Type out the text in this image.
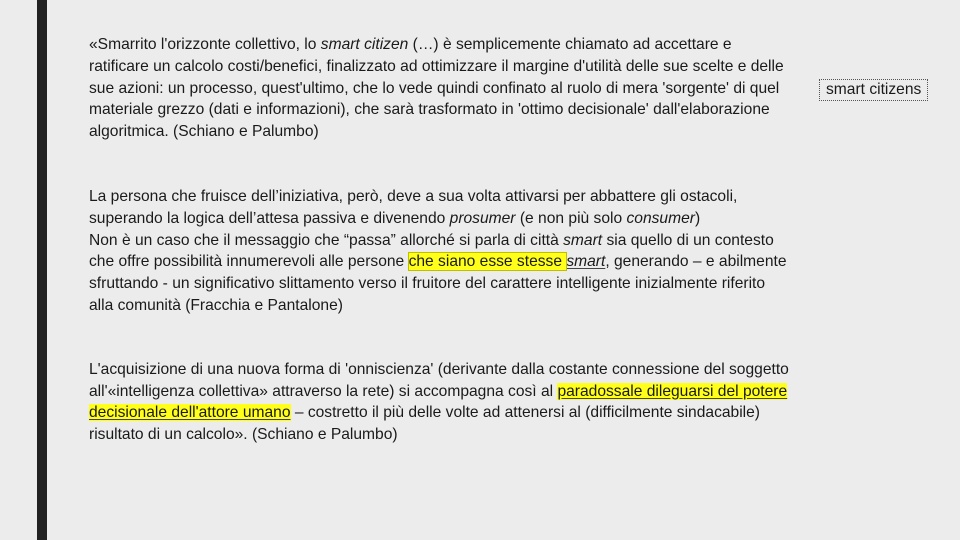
«Smarrito l'orizzonte collettivo, lo smart citizen (…) è semplicemente chiamato ad accettare e ratificare un calcolo costi/benefici, finalizzato ad ottimizzare il margine d'utilità delle sue scelte e delle sue azioni: un processo, quest'ultimo, che lo vede quindi confinato al ruolo di mera 'sorgente' di quel materiale grezzo (dati e informazioni), che sarà trasformato in 'ottimo decisionale' dall'elaborazione algoritmica. (Schiano e Palumbo)

La persona che fruisce dell’iniziativa, però, deve a sua volta attivarsi per abbattere gli ostacoli, superando la logica dell’attesa passiva e divenendo prosumer (e non più solo consumer)
Non è un caso che il messaggio che “passa” allorché si parla di città smart sia quello di un contesto che offre possibilità innumerevoli alle persone che siano esse stesse smart, generando – e abilmente sfruttando - un significativo slittamento verso il fruitore del carattere intelligente inizialmente riferito alla comunità (Fracchia e Pantalone)

L'acquisizione di una nuova forma di 'onniscienza' (derivante dalla costante connessione del soggetto all'«intelligenza collettiva» attraverso la rete) si accompagna così al paradossale dileguarsi del potere decisionale dell'attore umano – costretto il più delle volte ad attenersi al (difficilmente sindacabile) risultato di un calcolo». (Schiano e Palumbo)

smart citizens
